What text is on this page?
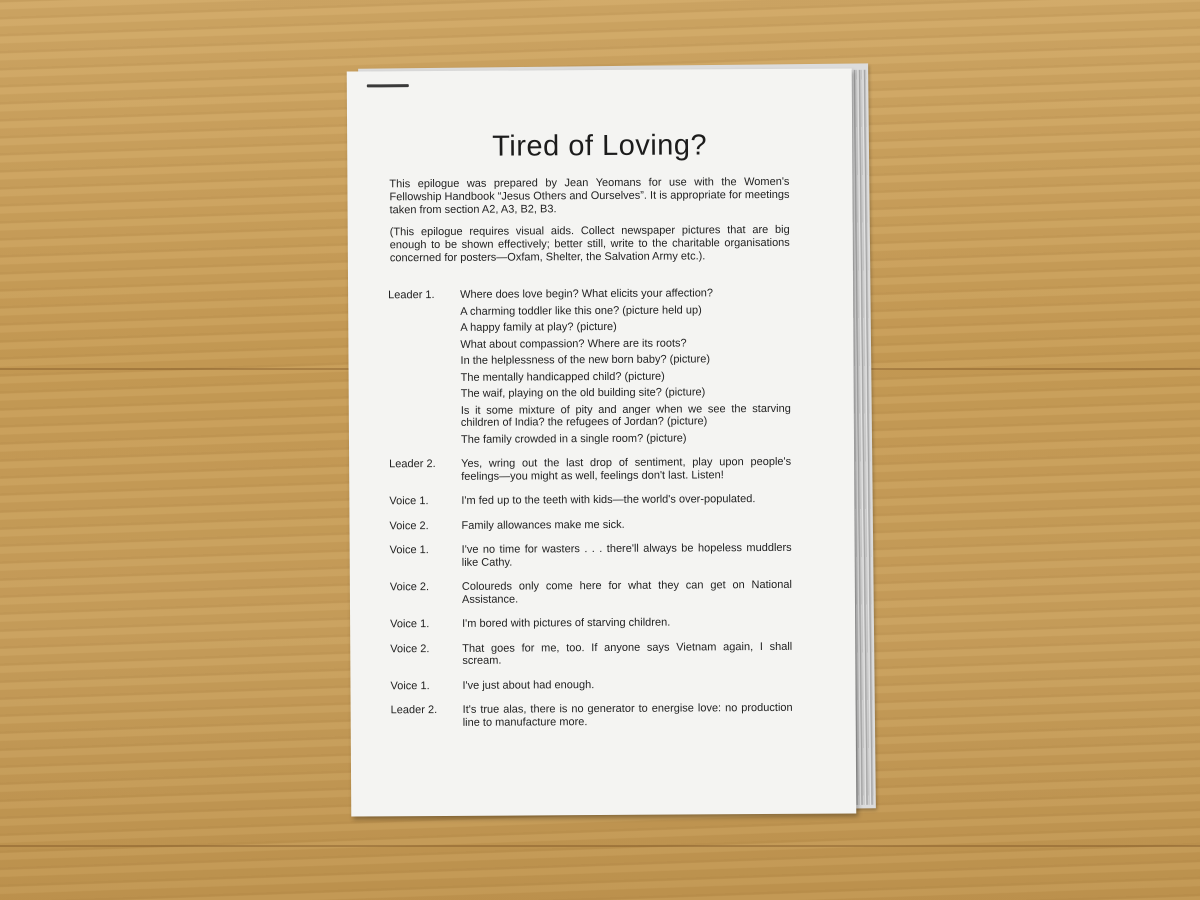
Tired of Loving?
This epilogue was prepared by Jean Yeomans for use with the Women's Fellowship Handbook “Jesus Others and Ourselves”. It is appropriate for meetings taken from section A2, A3, B2, B3.
(This epilogue requires visual aids. Collect newspaper pictures that are big enough to be shown effectively; better still, write to the charitable organisations concerned for posters—Oxfam, Shelter, the Salvation Army etc.).
Leader 1.	Where does love begin? What elicits your affection?
A charming toddler like this one? (picture held up)
A happy family at play? (picture)
What about compassion? Where are its roots?
In the helplessness of the new born baby? (picture)
The mentally handicapped child? (picture)
The waif, playing on the old building site? (picture)
Is it some mixture of pity and anger when we see the starving children of India? the refugees of Jordan? (picture)
The family crowded in a single room? (picture)
Leader 2.	Yes, wring out the last drop of sentiment, play upon people's feelings—you might as well, feelings don't last. Listen!
Voice 1.	I'm fed up to the teeth with kids—the world's over-populated.
Voice 2.	Family allowances make me sick.
Voice 1.	I've no time for wasters . . . there'll always be hopeless muddlers like Cathy.
Voice 2.	Coloureds only come here for what they can get on National Assistance.
Voice 1.	I'm bored with pictures of starving children.
Voice 2.	That goes for me, too. If anyone says Vietnam again, I shall scream.
Voice 1.	I've just about had enough.
Leader 2.	It's true alas, there is no generator to energise love: no production line to manufacture more.
